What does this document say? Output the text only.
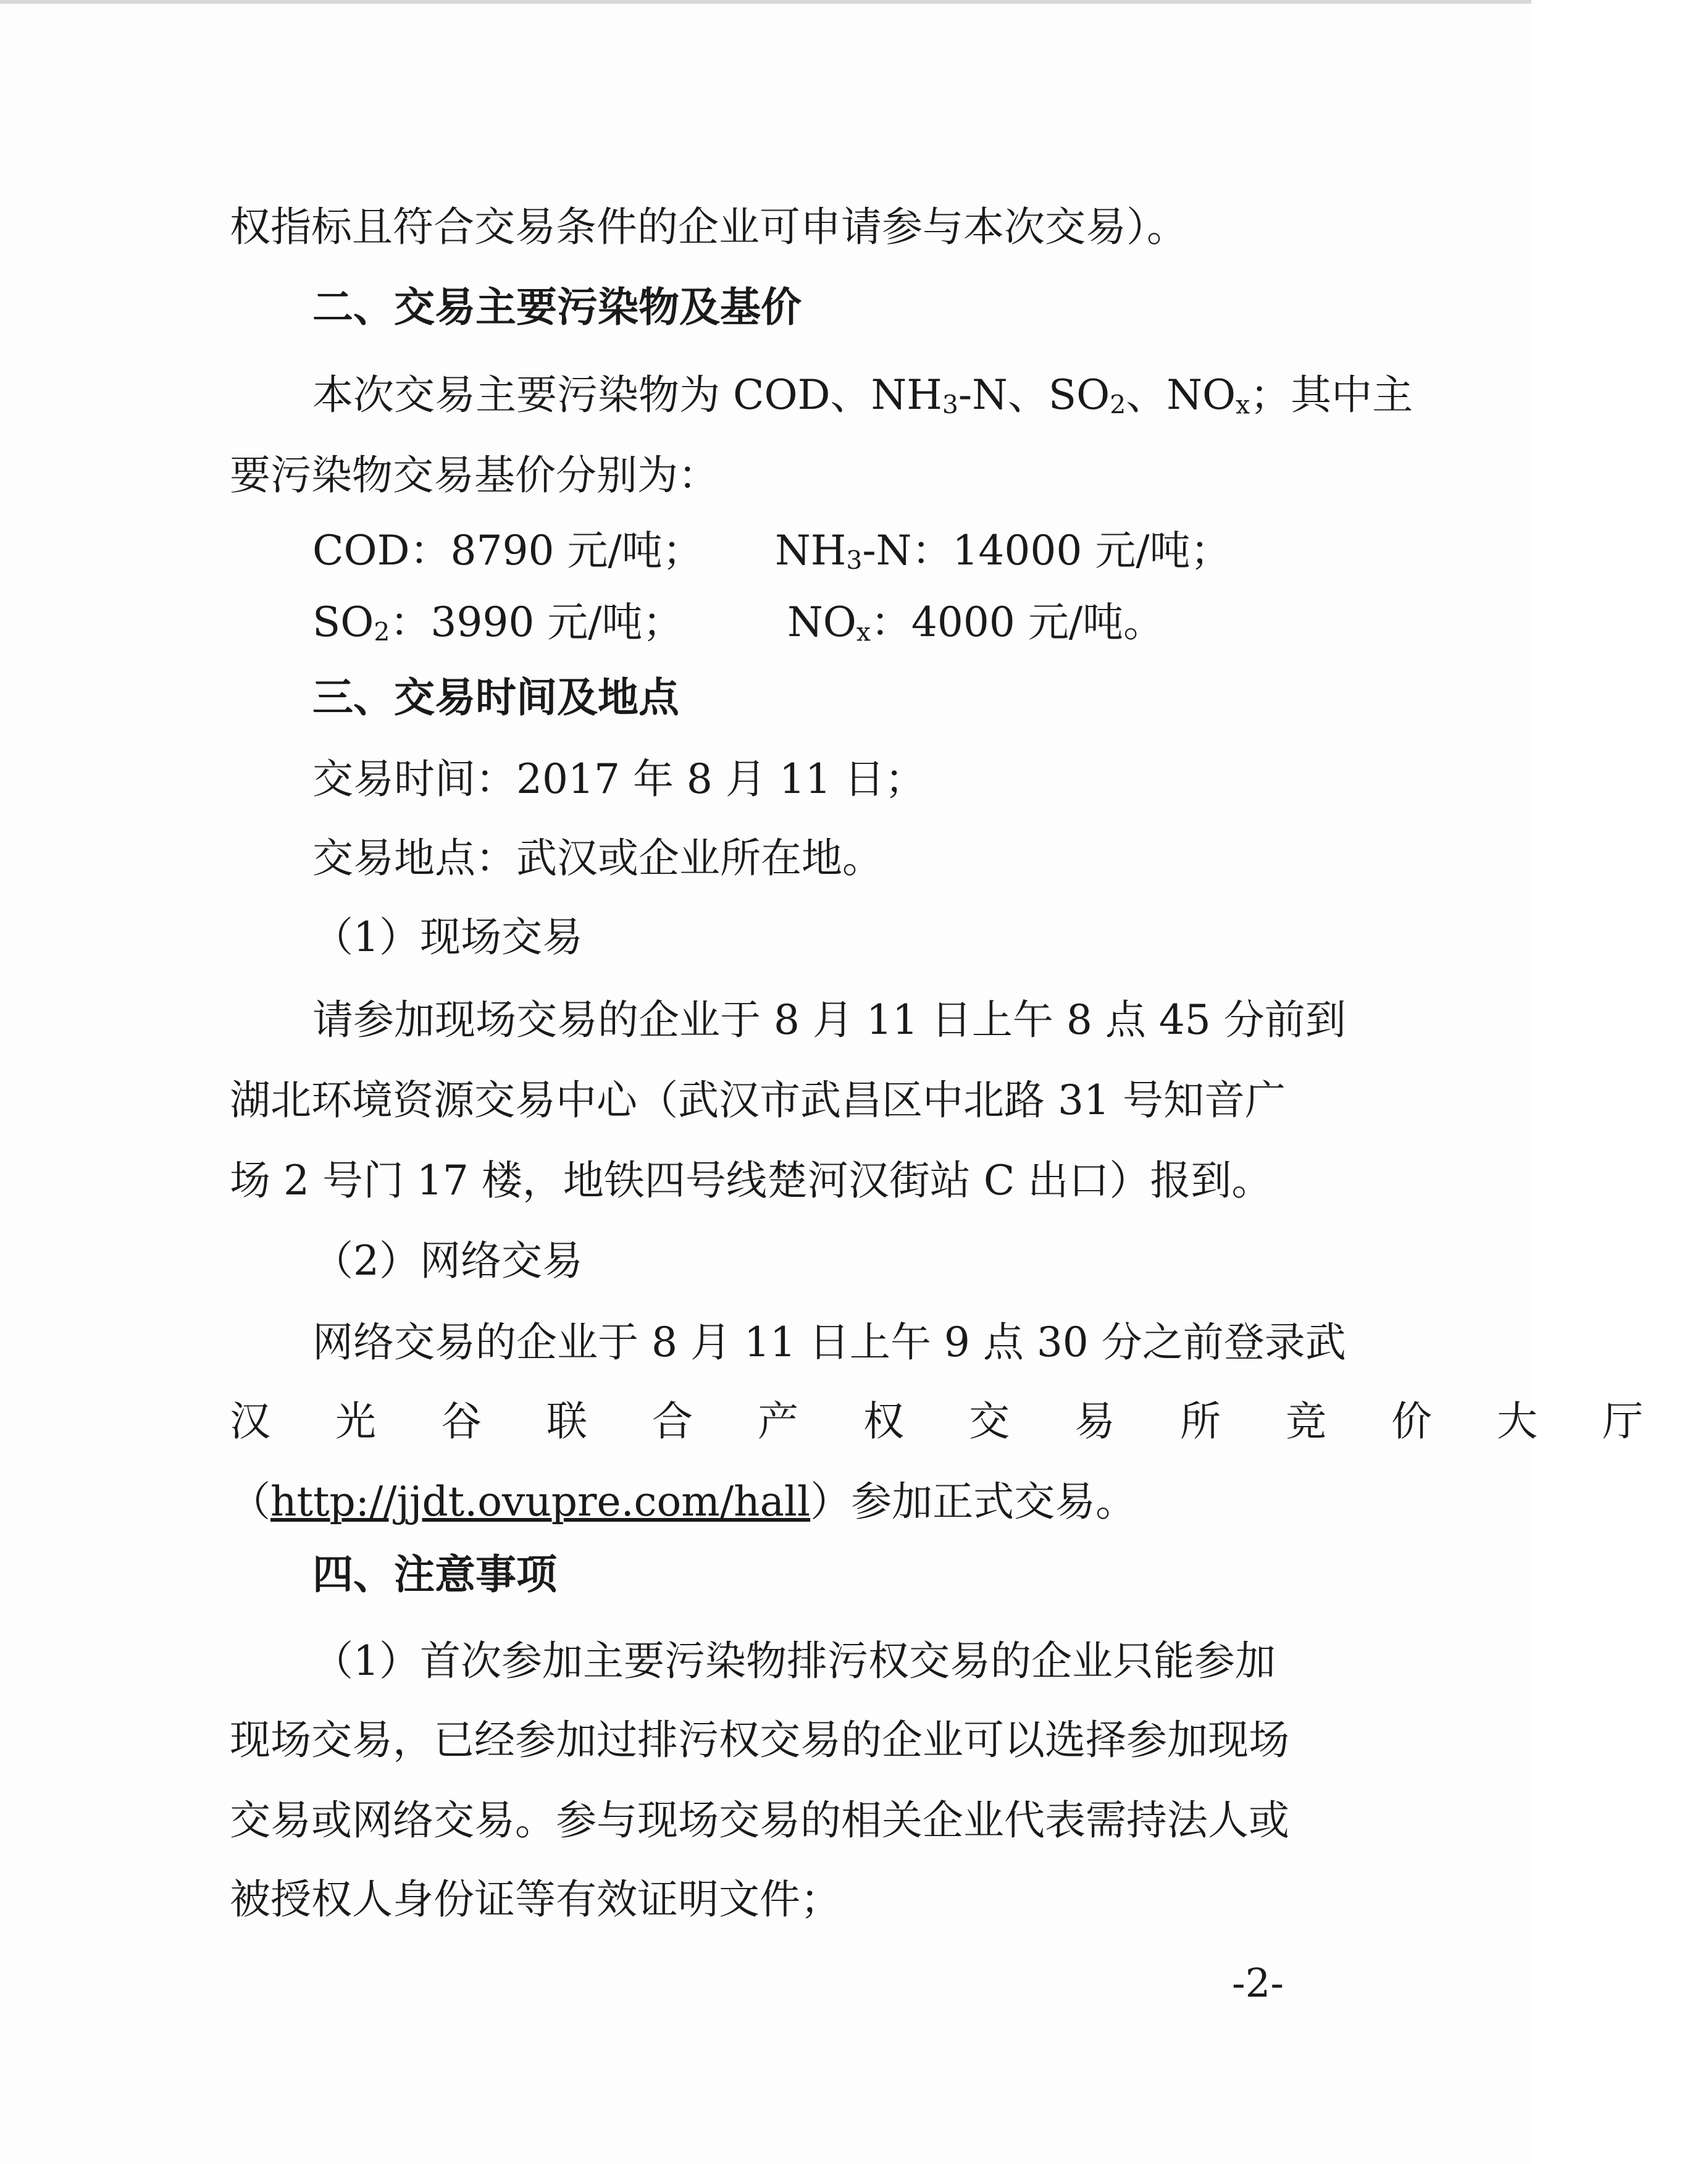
权指标且符合交易条件的企业可申请参与本次交易）。
二、交易主要污染物及基价
本次交易主要污染物为 COD、NH3-N、SO2、NOx；其中主
要污染物交易基价分别为：
COD：8790 元/吨； NH3-N：14000 元/吨；
SO2：3990 元/吨；	NOx：4000 元/吨。
三、交易时间及地点
交易时间：2017 年 8 月 11 日；
交易地点：武汉或企业所在地。
（1）现场交易
请参加现场交易的企业于 8 月 11 日上午 8 点 45 分前到
湖北环境资源交易中心（武汉市武昌区中北路 31 号知音广
场 2 号门 17 楼，地铁四号线楚河汉街站 C 出口）报到。
（2）网络交易
网络交易的企业于 8 月 11 日上午 9 点 30 分之前登录武
汉光谷联合产权交易所竞价大厅
（http://jjdt.ovupre.com/hall）参加正式交易。
四、注意事项
（1）首次参加主要污染物排污权交易的企业只能参加
现场交易，已经参加过排污权交易的企业可以选择参加现场
交易或网络交易。参与现场交易的相关企业代表需持法人或
被授权人身份证等有效证明文件；
-2-
